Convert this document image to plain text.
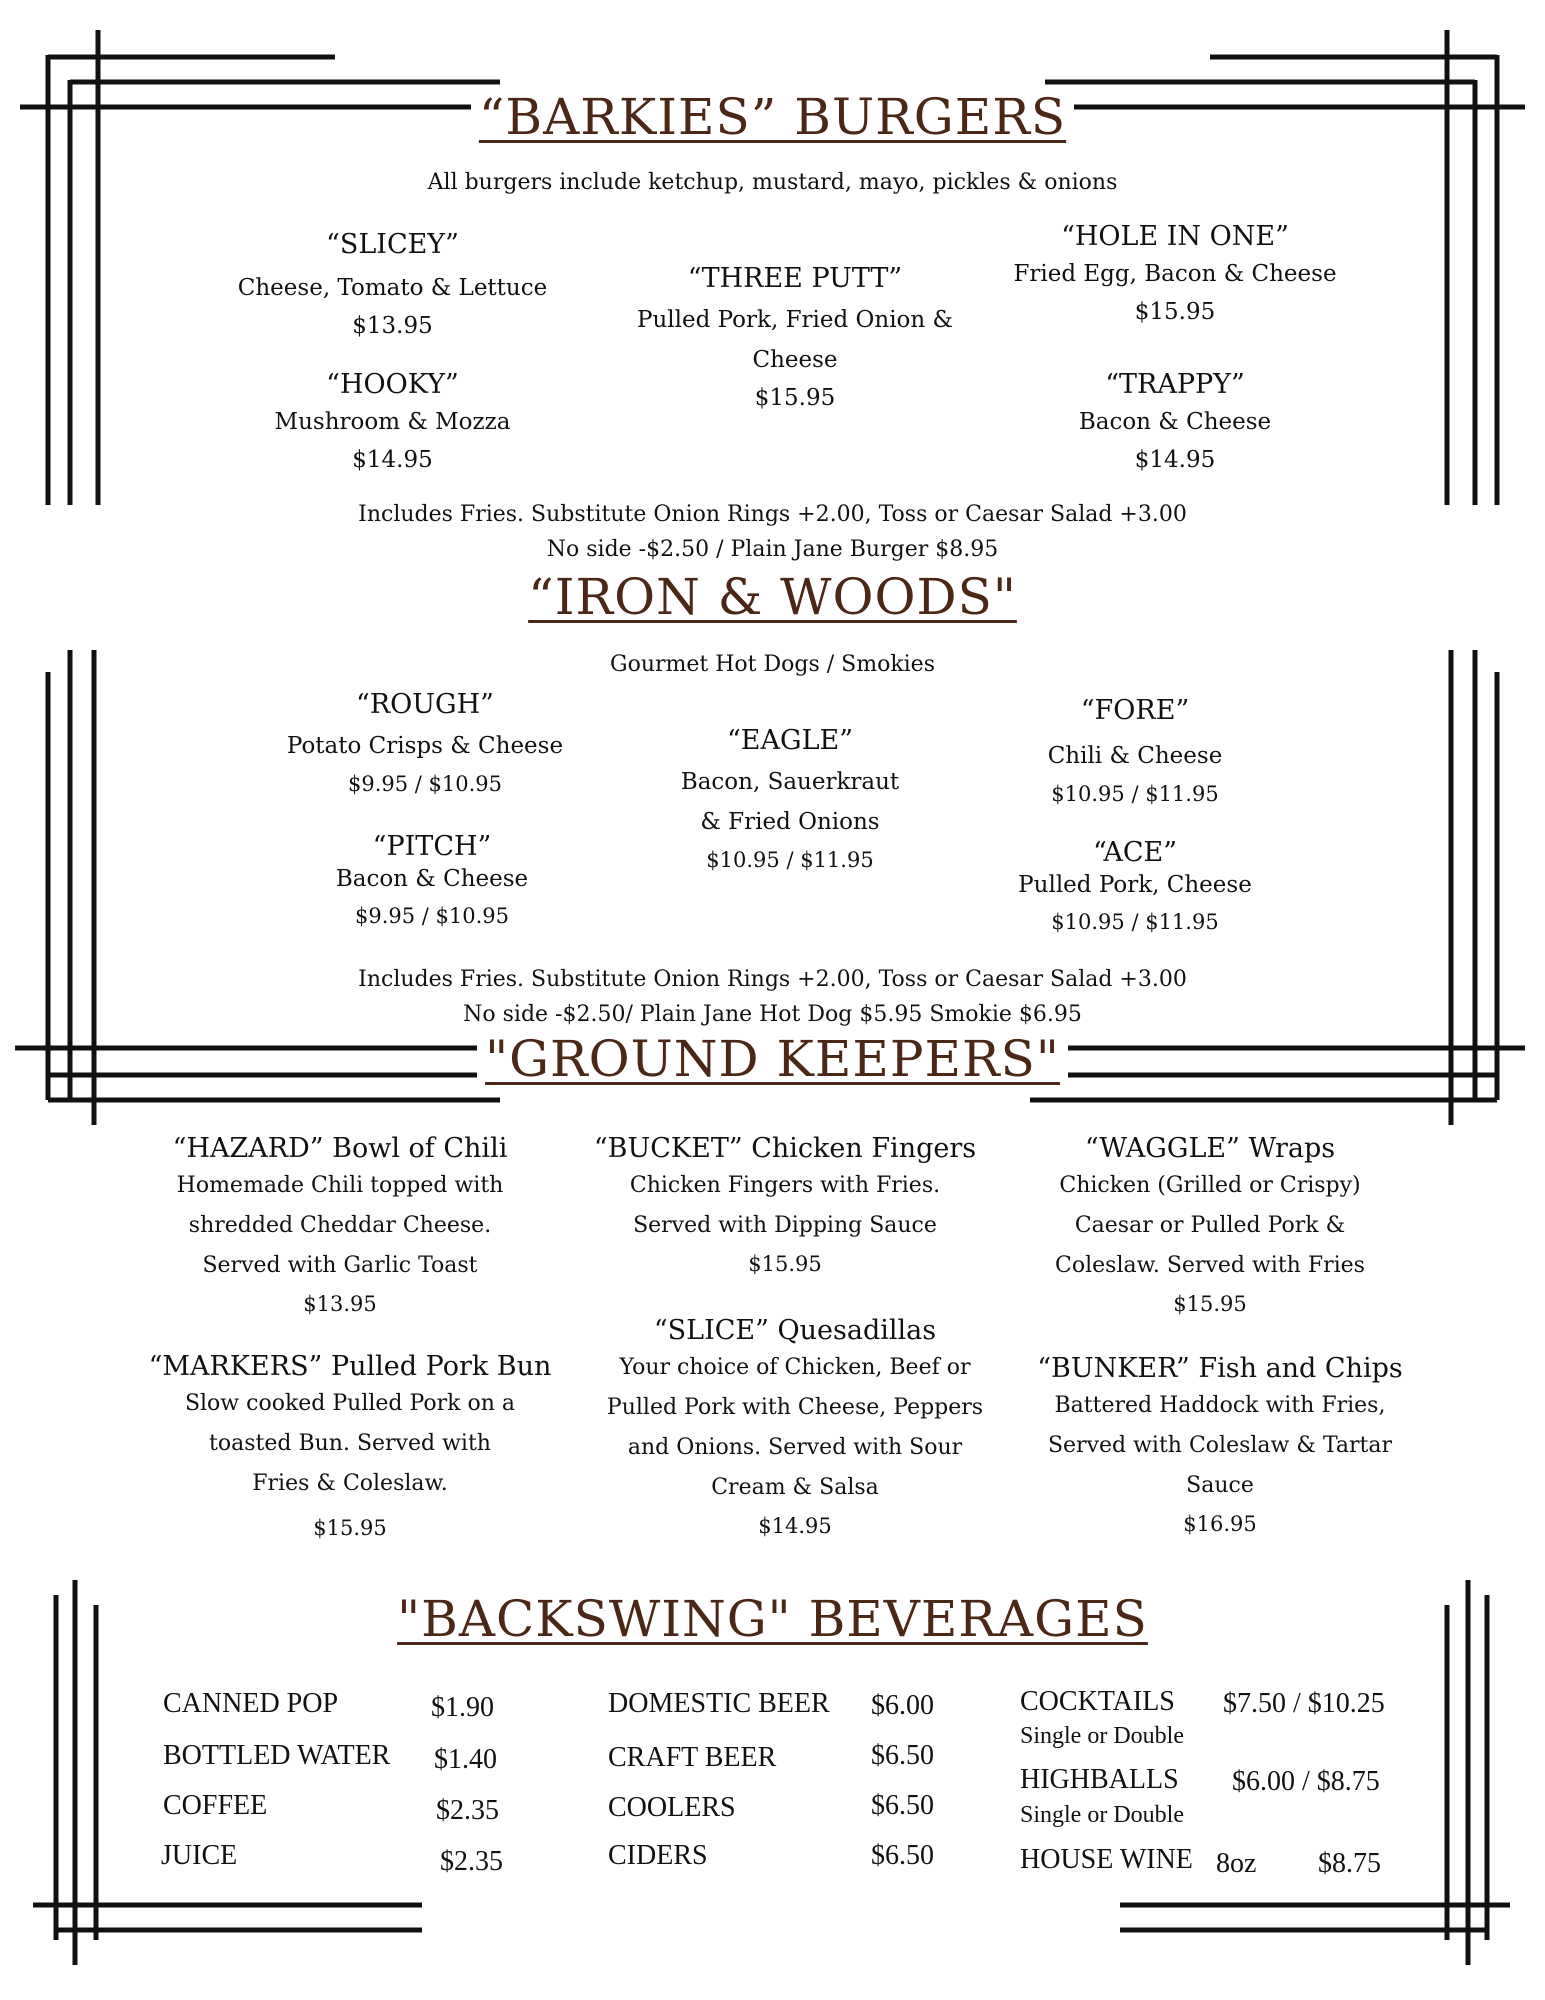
“BARKIES” BURGERS
All burgers include ketchup, mustard, mayo, pickles & onions
“SLICEY”
Cheese, Tomato & Lettuce
$13.95
“HOOKY”
Mushroom & Mozza
$14.95
“THREE PUTT”
Pulled Pork, Fried Onion &
Cheese
$15.95
“HOLE IN ONE”
Fried Egg, Bacon & Cheese
$15.95
“TRAPPY”
Bacon & Cheese
$14.95
Includes Fries. Substitute Onion Rings +2.00, Toss or Caesar Salad +3.00
No side -$2.50 / Plain Jane Burger $8.95
“IRON & WOODS"
Gourmet Hot Dogs / Smokies
“ROUGH”
Potato Crisps & Cheese
$9.95 / $10.95
“PITCH”
Bacon & Cheese
$9.95 / $10.95
“EAGLE”
Bacon, Sauerkraut
& Fried Onions
$10.95 / $11.95
“FORE”
Chili & Cheese
$10.95 / $11.95
“ACE”
Pulled Pork, Cheese
$10.95 / $11.95
Includes Fries. Substitute Onion Rings +2.00, Toss or Caesar Salad +3.00
No side -$2.50/ Plain Jane Hot Dog $5.95 Smokie $6.95
"GROUND KEEPERS"
“HAZARD” Bowl of Chili
Homemade Chili topped with
shredded Cheddar Cheese.
Served with Garlic Toast
$13.95
“MARKERS” Pulled Pork Bun
Slow cooked Pulled Pork on a
toasted Bun. Served with
Fries & Coleslaw.
$15.95
“BUCKET” Chicken Fingers
Chicken Fingers with Fries.
Served with Dipping Sauce
$15.95
“SLICE” Quesadillas
Your choice of Chicken, Beef or
Pulled Pork with Cheese, Peppers
and Onions. Served with Sour
Cream & Salsa
$14.95
“WAGGLE” Wraps
Chicken (Grilled or Crispy)
Caesar or Pulled Pork &
Coleslaw. Served with Fries
$15.95
“BUNKER” Fish and Chips
Battered Haddock with Fries,
Served with Coleslaw & Tartar
Sauce
$16.95
"BACKSWING" BEVERAGES
CANNED POP	$1.90
BOTTLED WATER $1.40
COFFEE	$2.35
JUICE	$2.35
DOMESTIC BEER $6.00
CRAFT BEER	$6.50
COOLERS	$6.50
CIDERS	$6.50
COCKTAILS $7.50 / $10.25
Single or Double
HIGHBALLS $6.00 / $8.75
Single or Double
HOUSE WINE 8oz $8.75
